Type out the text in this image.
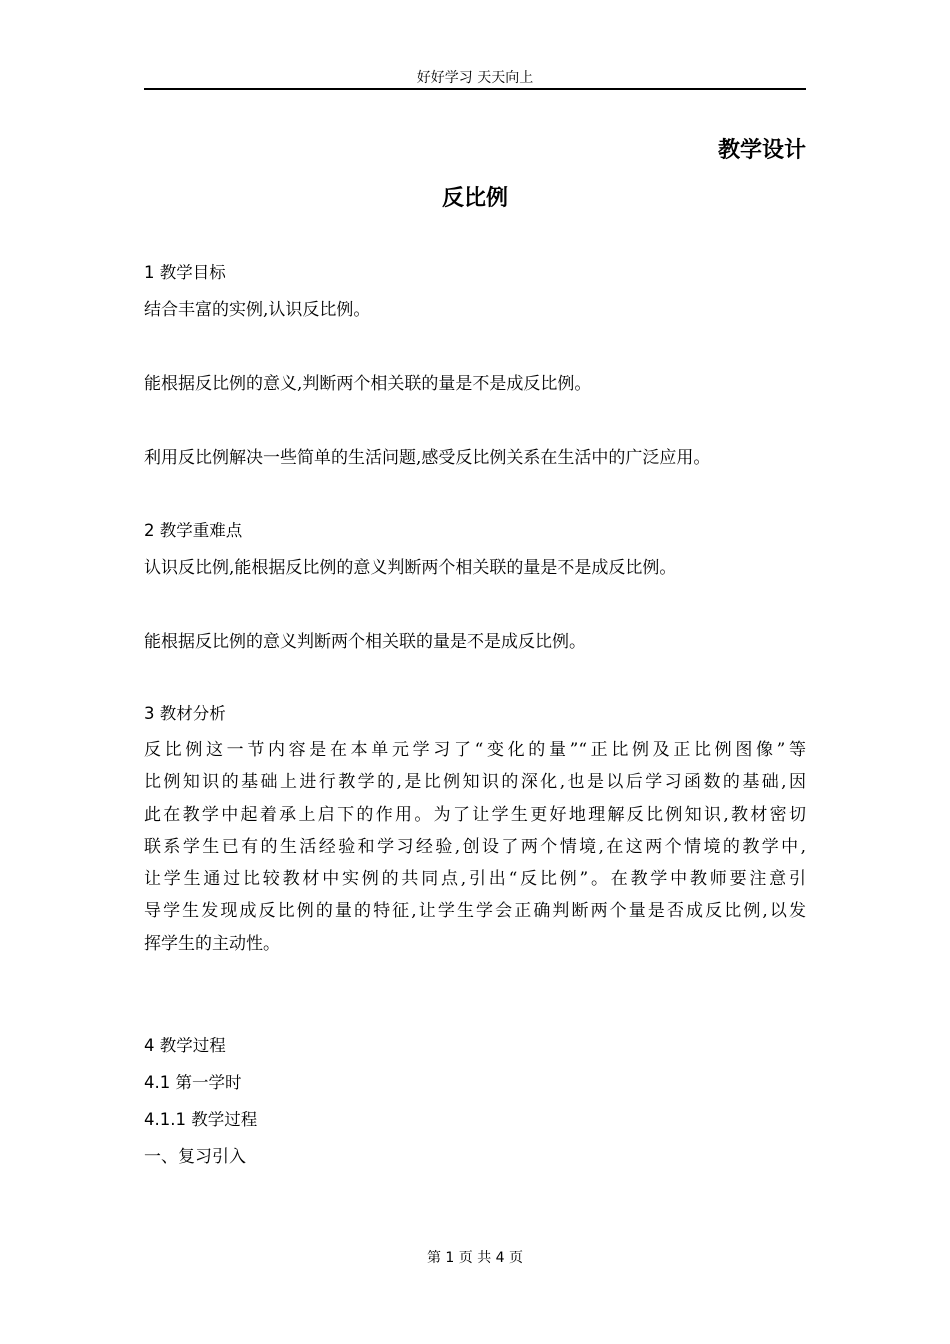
好好学习 天天向上
教学设计
反比例
1 教学目标
结合丰富的实例,认识反比例。
能根据反比例的意义,判断两个相关联的量是不是成反比例。
利用反比例解决一些简单的生活问题,感受反比例关系在生活中的广泛应用。
2 教学重难点
认识反比例,能根据反比例的意义判断两个相关联的量是不是成反比例。
能根据反比例的意义判断两个相关联的量是不是成反比例。
3 教材分析
反比例这一节内容是在本单元学习了“变化的量”“正比例及正比例图像”等
比例知识的基础上进行教学的,是比例知识的深化,也是以后学习函数的基础,因
此在教学中起着承上启下的作用。为了让学生更好地理解反比例知识,教材密切
联系学生已有的生活经验和学习经验,创设了两个情境,在这两个情境的教学中,
让学生通过比较教材中实例的共同点,引出“反比例”。在教学中教师要注意引
导学生发现成反比例的量的特征,让学生学会正确判断两个量是否成反比例,以发
挥学生的主动性。
4 教学过程
4.1 第一学时
4.1.1 教学过程
一、复习引入
第 1 页 共 4 页
